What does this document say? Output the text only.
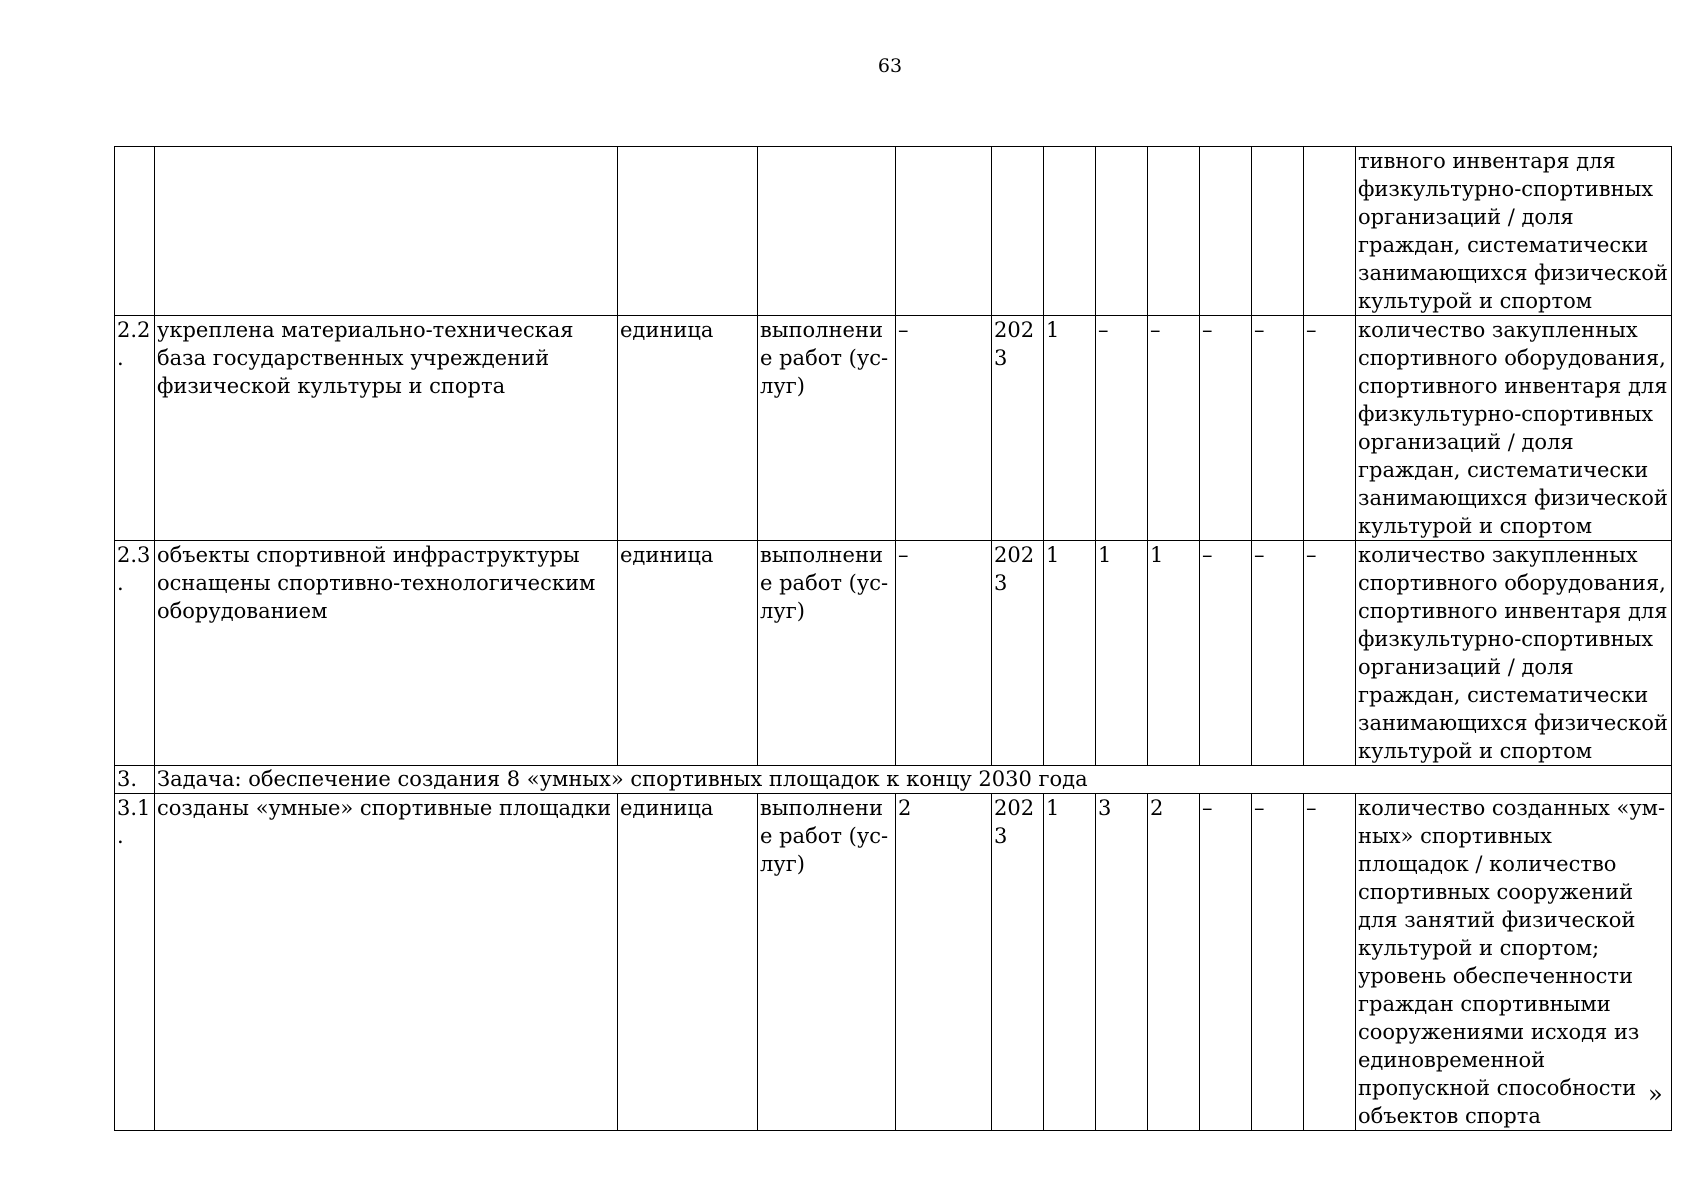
63
												тивного инвентаря для физкультурно-спортивных организаций / доля граждан, систематически занимающихся физической культурой и спортом
2.2.	укреплена материально-техническая база государственных учреждений физической культуры и спорта	единица	выполнение работ (услуг)	–	2023	1	–	–	–	–	–	количество закупленных спортивного оборудования, спортивного инвентаря для физкультурно-спортивных организаций / доля граждан, систематически занимающихся физической культурой и спортом
2.3.	объекты спортивной инфраструктуры оснащены спортивно-технологическим оборудованием	единица	выполнение работ (услуг)	–	2023	1	1	1	–	–	–	количество закупленных спортивного оборудования, спортивного инвентаря для физкультурно-спортивных организаций / доля граждан, систематически занимающихся физической культурой и спортом
3.	Задача: обеспечение создания 8 «умных» спортивных площадок к концу 2030 года											
3.1.	созданы «умные» спортивные площадки	единица	выполнение работ (услуг)	2	2023	1	3	2	–	–	–	количество созданных «умных» спортивных площадок / количество спортивных сооружений для занятий физической культурой и спортом; уровень обеспеченности граждан спортивными сооружениями исходя из единовременной пропускной способности объектов спорта
»
